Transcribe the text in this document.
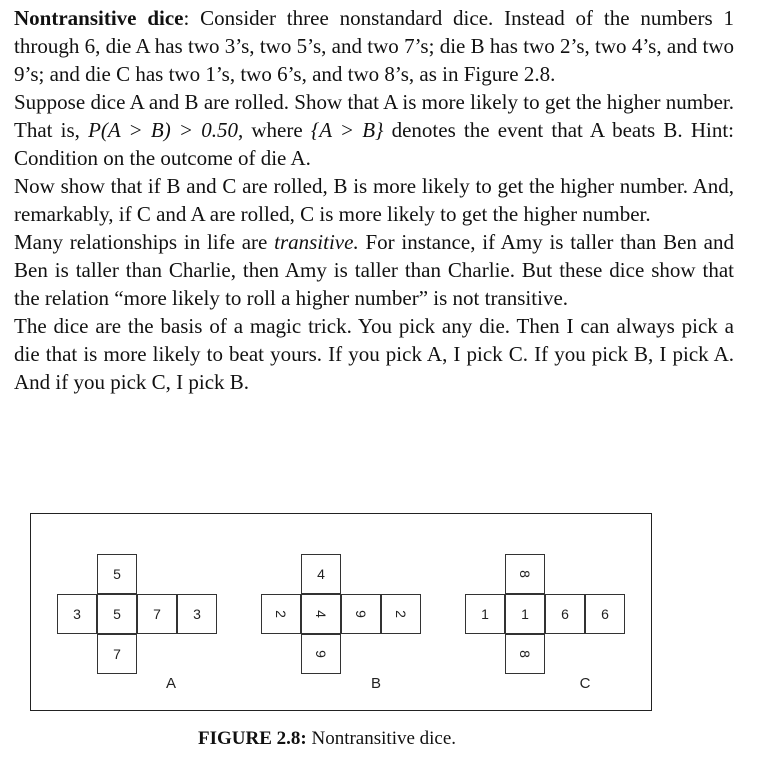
Nontransitive dice: Consider three nonstandard dice. Instead of the numbers 1 through 6, die A has two 3’s, two 5’s, and two 7’s; die B has two 2’s, two 4’s, and two 9’s; and die C has two 1’s, two 6’s, and two 8’s, as in Figure 2.8.

Suppose dice A and B are rolled. Show that A is more likely to get the higher number. That is, P(A > B) > 0.50, where {A > B} denotes the event that A beats B. Hint: Condition on the outcome of die A.

Now show that if B and C are rolled, B is more likely to get the higher number. And, remarkably, if C and A are rolled, C is more likely to get the higher number.

Many relationships in life are transitive. For instance, if Amy is taller than Ben and Ben is taller than Charlie, then Amy is taller than Charlie. But these dice show that the relation “more likely to roll a higher number” is not transitive.

The dice are the basis of a magic trick. You pick any die. Then I can always pick a die that is more likely to beat yours. If you pick A, I pick C. If you pick B, I pick A. And if you pick C, I pick B.

5
3 5 7 3
7
A
4
2 4 9 2
9
B
8
1 1 6 6
8
C
FIGURE 2.8: Nontransitive dice.
